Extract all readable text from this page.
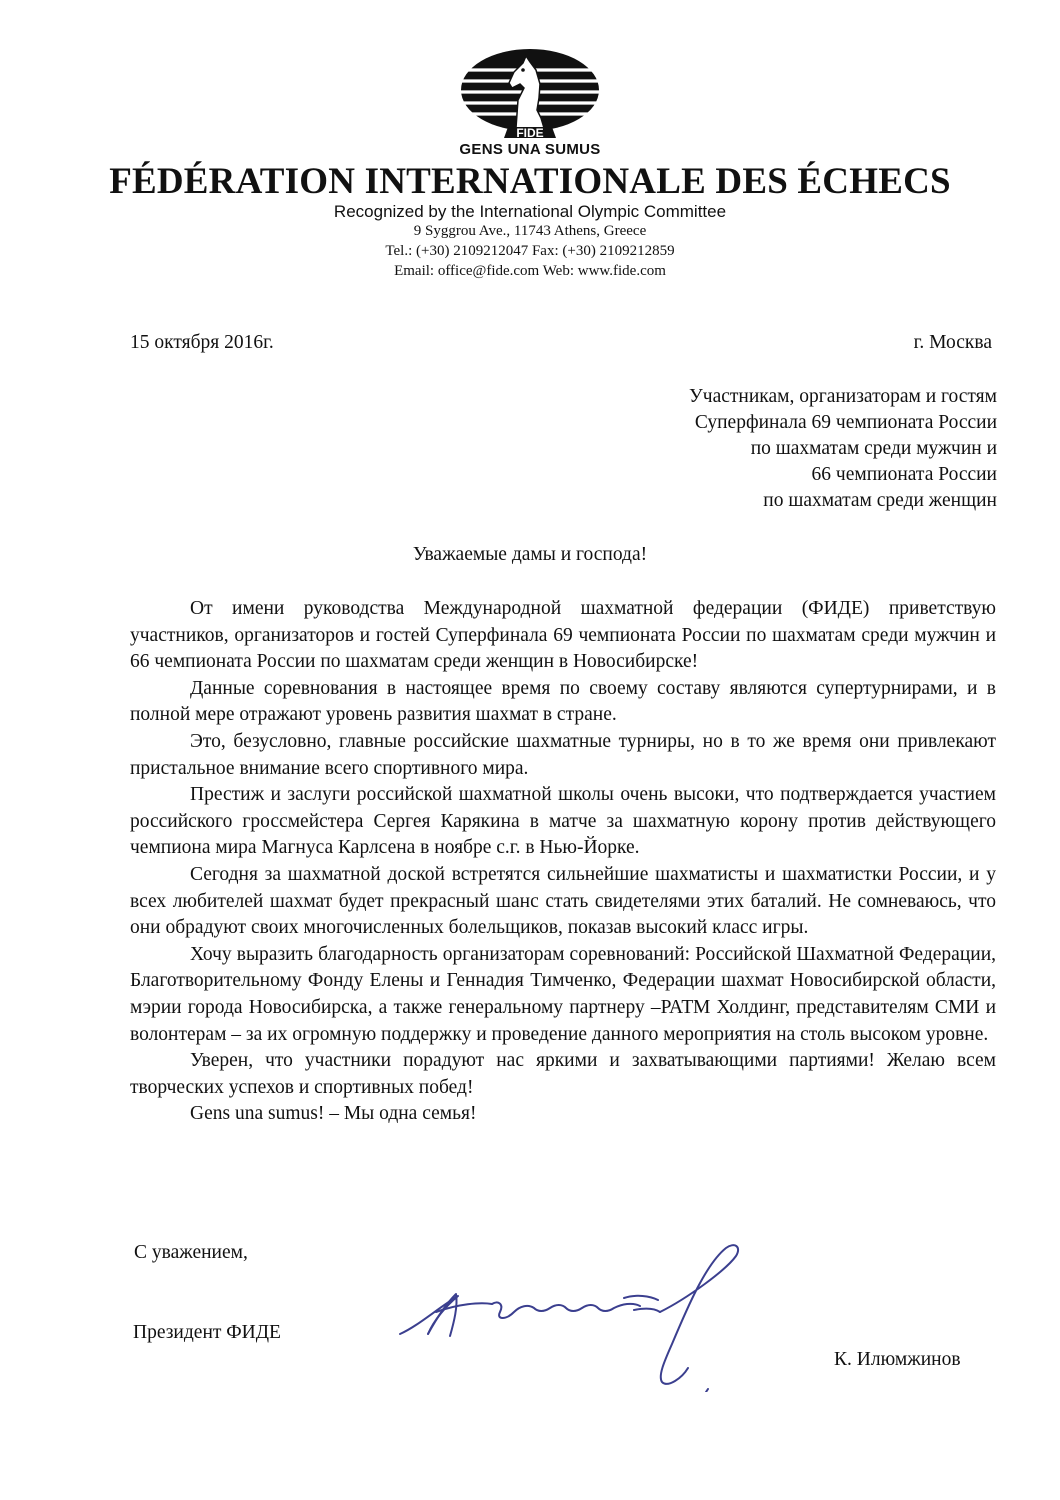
FIDE
GENS UNA SUMUS
FÉDÉRATION INTERNATIONALE DES ÉCHECS
Recognized by the International Olympic Committee
9 Syggrou Ave., 11743 Athens, Greece
Tel.: (+30) 2109212047 Fax: (+30) 2109212859
Email: office@fide.com Web: www.fide.com
15 октября 2016г.	г. Москва
Участникам, организаторам и гостям
Суперфинала 69 чемпионата России
по шахматам среди мужчин и
66 чемпионата России
по шахматам среди женщин
Уважаемые дамы и господа!

От имени руководства Международной шахматной федерации (ФИДЕ) приветствую участников, организаторов и гостей Суперфинала 69 чемпионата России по шахматам среди мужчин и 66 чемпионата России по шахматам среди женщин в Новосибирске!

Данные соревнования в настоящее время по своему составу являются супертурнирами, и в полной мере отражают уровень развития шахмат в стране.

Это, безусловно, главные российские шахматные турниры, но в то же время они привлекают пристальное внимание всего спортивного мира.

Престиж и заслуги российской шахматной школы очень высоки, что подтверждается участием российского гроссмейстера Сергея Карякина в матче за шахматную корону против действующего чемпиона мира Магнуса Карлсена в ноябре с.г. в Нью-Йорке.

Сегодня за шахматной доской встретятся сильнейшие шахматисты и шахматистки России, и у всех любителей шахмат будет прекрасный шанс стать свидетелями этих баталий. Не сомневаюсь, что они обрадуют своих многочисленных болельщиков, показав высокий класс игры.

Хочу выразить благодарность организаторам соревнований: Российской Шахматной Федерации, Благотворительному Фонду Елены и Геннадия Тимченко, Федерации шахмат Новосибирской области, мэрии города Новосибирска, а также генеральному партнеру –РАТМ Холдинг, представителям СМИ и волонтерам – за их огромную поддержку и проведение данного мероприятия на столь высоком уровне.

Уверен, что участники порадуют нас яркими и захватывающими партиями! Желаю всем творческих успехов и спортивных побед!

Gens una sumus! – Мы одна семья!

С уважением,
Президент ФИДЕ
К. Илюмжинов
